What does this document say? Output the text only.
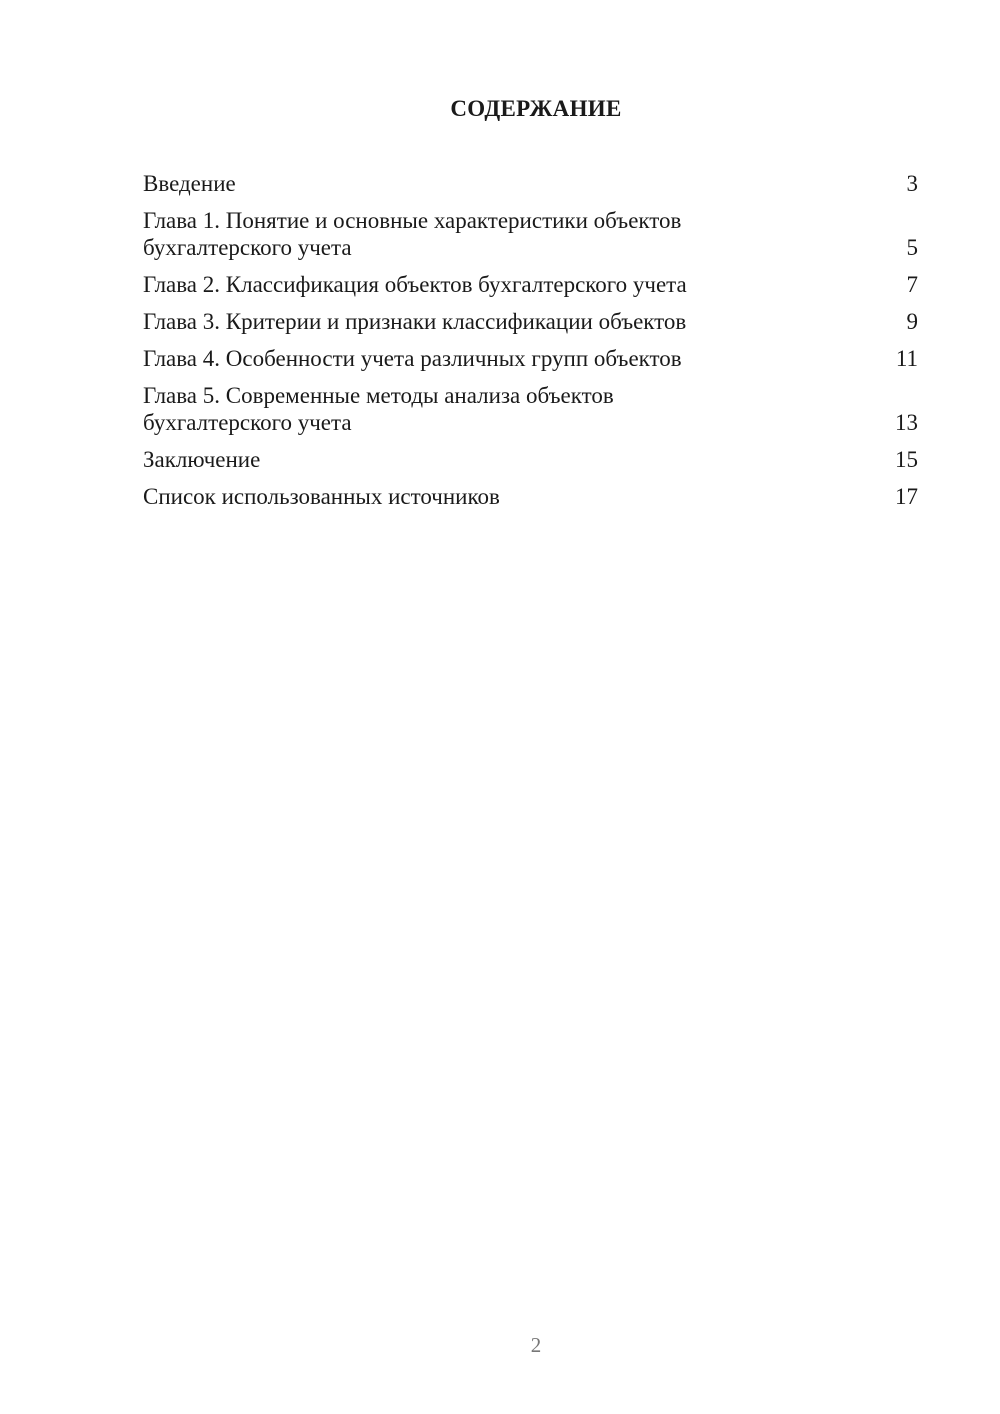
СОДЕРЖАНИЕ
Введение	3
Глава 1. Понятие и основные характеристики объектов бухгалтерского учета	5
Глава 2. Классификация объектов бухгалтерского учета	7
Глава 3. Критерии и признаки классификации объектов	9
Глава 4. Особенности учета различных групп объектов	11
Глава 5. Современные методы анализа объектов бухгалтерского учета	13
Заключение	15
Список использованных источников	17
2
